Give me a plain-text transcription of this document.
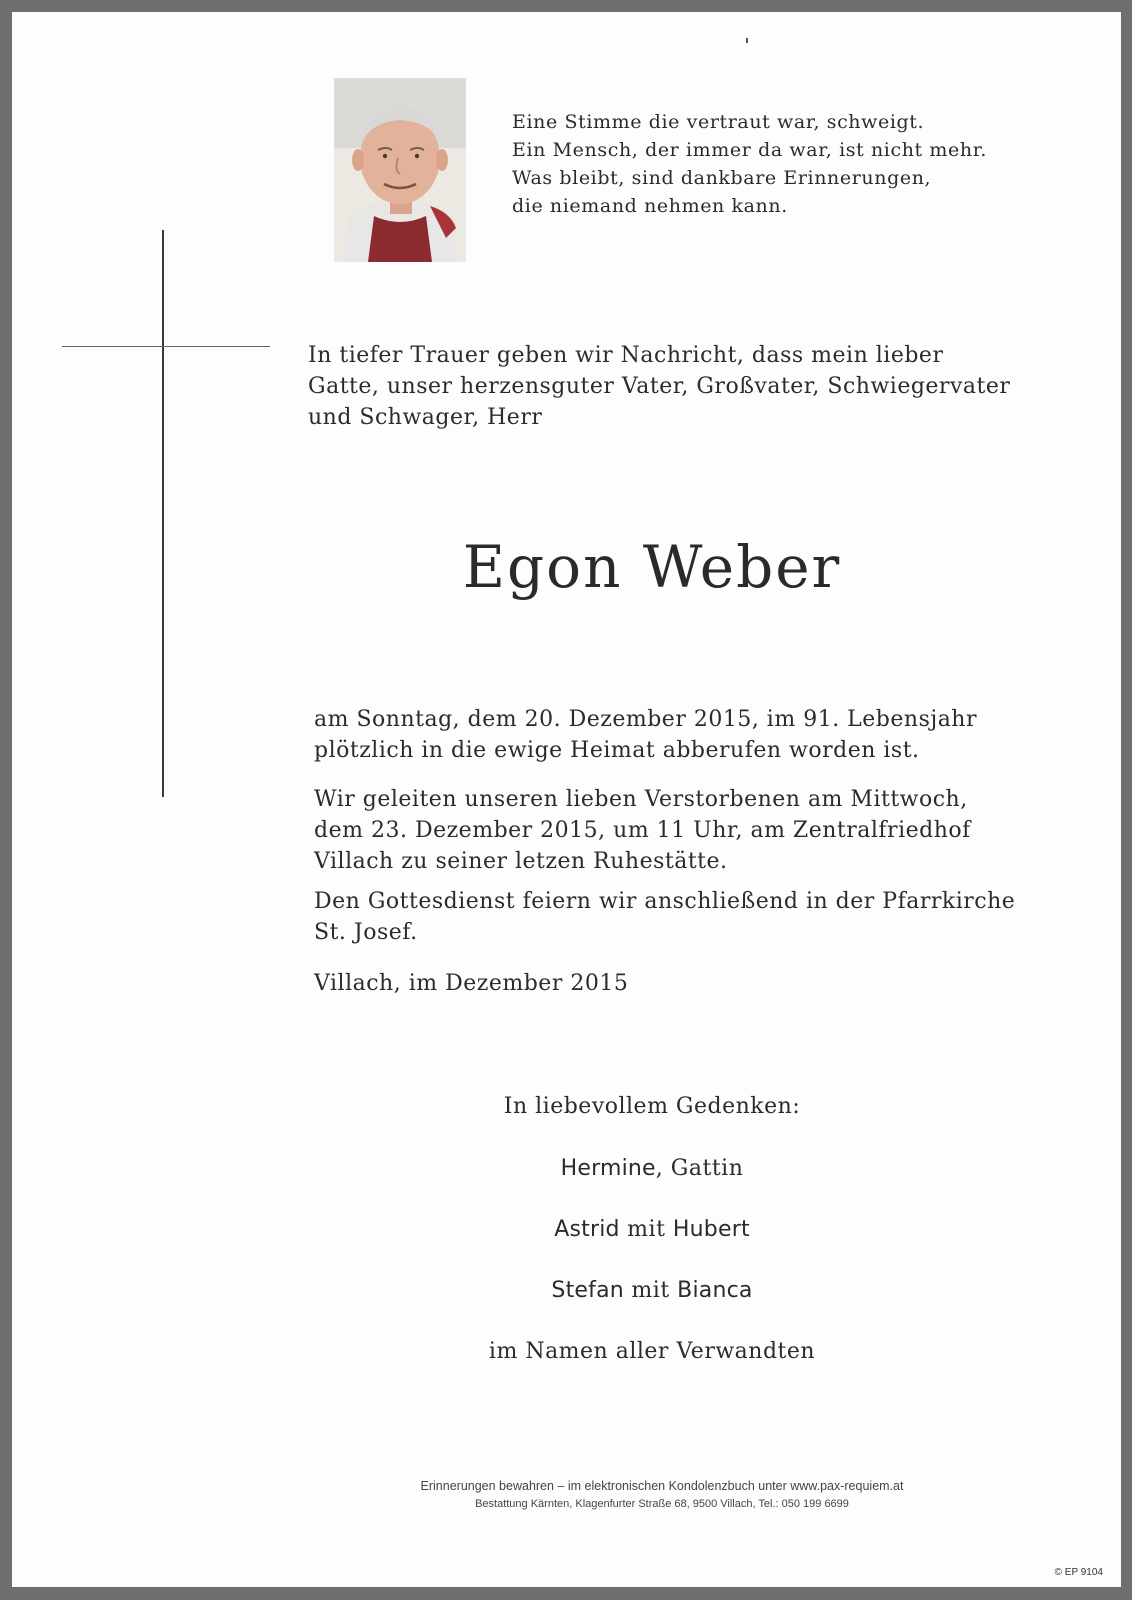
Eine Stimme die vertraut war, schweigt.
Ein Mensch, der immer da war, ist nicht mehr.
Was bleibt, sind dankbare Erinnerungen,
die niemand nehmen kann.
In tiefer Trauer geben wir Nachricht, dass mein lieber
Gatte, unser herzensguter Vater, Großvater, Schwiegervater
und Schwager, Herr
Egon Weber
am Sonntag, dem 20. Dezember 2015, im 91. Lebensjahr
plötzlich in die ewige Heimat abberufen worden ist.
Wir geleiten unseren lieben Verstorbenen am Mittwoch,
dem 23. Dezember 2015, um 11 Uhr, am Zentralfriedhof
Villach zu seiner letzen Ruhestätte.
Den Gottesdienst feiern wir anschließend in der Pfarrkirche
St. Josef.
Villach, im Dezember 2015
In liebevollem Gedenken:
Hermine, Gattin
Astrid mit Hubert
Stefan mit Bianca
im Namen aller Verwandten
Erinnerungen bewahren – im elektronischen Kondolenzbuch unter www.pax-requiem.at
Bestattung Kärnten, Klagenfurter Straße 68, 9500 Villach, Tel.: 050 199 6699
© EP 9104
